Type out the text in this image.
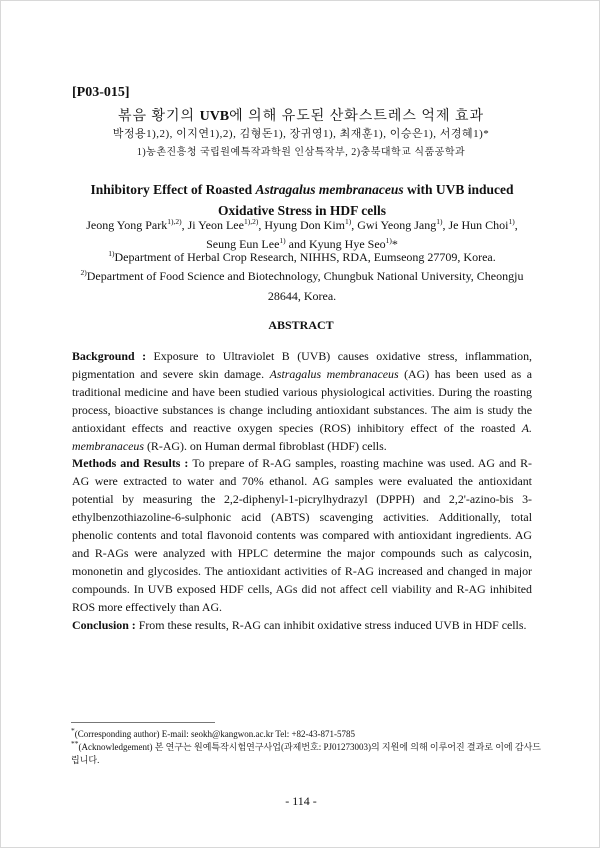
[P03-015]
볶음 황기의 UVB에 의해 유도된 산화스트레스 억제 효과
박정용1),2), 이지연1),2), 김형돈1), 장귀영1), 최재훈1), 이승은1), 서경혜1)*
1)농촌진흥청 국립원예특작과학원 인삼특작부, 2)충북대학교 식품공학과
Inhibitory Effect of Roasted Astragalus membranaceus with UVB induced
Oxidative Stress in HDF cells
Jeong Yong Park$^{1),2)}$, Ji Yeon Lee$^{1),2)}$, Hyung Don Kim$^{1)}$, Gwi Yeong Jang$^{1)}$, Je Hun Choi$^{1)}$,
Seung Eun Lee$^{1)}$ and Kyung Hye Seo$^{1)}$*
$^{1)}$Department of Herbal Crop Research, NIHHS, RDA, Eumseong 27709, Korea.
$^{2)}$Department of Food Science and Biotechnology, Chungbuk National University, Cheongju
28644, Korea.
ABSTRACT

Background : Exposure to Ultraviolet B (UVB) causes oxidative stress, inflammation, pigmentation and severe skin damage. Astragalus membranaceus (AG) has been used as a traditional medicine and have been studied various physiological activities. During the roasting process, bioactive substances is change including antioxidant substances. The aim is study the antioxidant effects and reactive oxygen species (ROS) inhibitory effect of the roasted A. membranaceus (R-AG). on Human dermal fibroblast (HDF) cells.

Methods and Results : To prepare of R-AG samples, roasting machine was used. AG and R-AG were extracted to water and 70% ethanol. AG samples were evaluated the antioxidant potential by measuring the 2,2-diphenyl-1-picrylhydrazyl (DPPH) and 2,2'-azino-bis 3-ethylbenzothiazoline-6-sulphonic acid (ABTS) scavenging activities. Additionally, total phenolic contents and total flavonoid contents was compared with antioxidant ingredients. AG and R-AGs were analyzed with HPLC determine the major compounds such as calycosin, mononetin and glycosides. The antioxidant activities of R-AG increased and changed in major compounds. In UVB exposed HDF cells, AGs did not affect cell viability and R-AG inhibited ROS more effectively than AG.

Conclusion : From these results, R-AG can inhibit oxidative stress induced UVB in HDF cells.

*(Corresponding author) E-mail: seokh@kangwon.ac.kr Tel: +82-43-871-5785
**(Acknowledgement) 본 연구는 원예특작시험연구사업(과제번호: PJ01273003)의 지원에 의해 이루어진 결과로 이에 감사드립니다.
- 114 -
